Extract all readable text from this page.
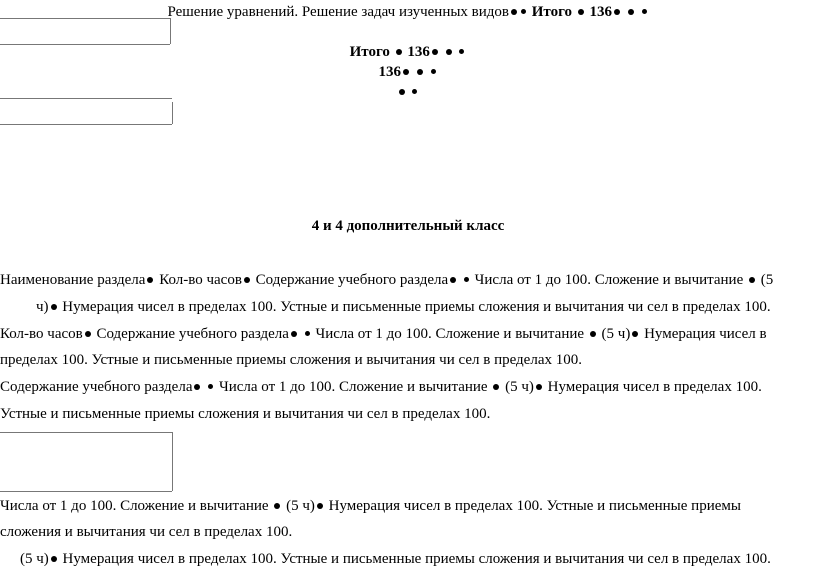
Решение уравнений. Решение задач изученных видов Итого 136
Итого 136
136

4 и 4 дополнительный класс
Наименование раздела Кол-во часов Содержание учебного раздела Числа от 1 до 100. Сложение и вычитание (5
ч) Нумерация чисел в пределах 100. Устные и письменные приемы сложения и вычитания чи сел в пределах 100.
Кол-во часов Содержание учебного раздела Числа от 1 до 100. Сложение и вычитание (5 ч) Нумерация чисел в
пределах 100. Устные и письменные приемы сложения и вычитания чи сел в пределах 100.
Содержание учебного раздела Числа от 1 до 100. Сложение и вычитание (5 ч) Нумерация чисел в пределах 100.
Устные и письменные приемы сложения и вычитания чи сел в пределах 100.
Числа от 1 до 100. Сложение и вычитание (5 ч) Нумерация чисел в пределах 100. Устные и письменные приемы
сложения и вычитания чи сел в пределах 100.
(5 ч) Нумерация чисел в пределах 100. Устные и письменные приемы сложения и вычитания чи сел в пределах 100.
